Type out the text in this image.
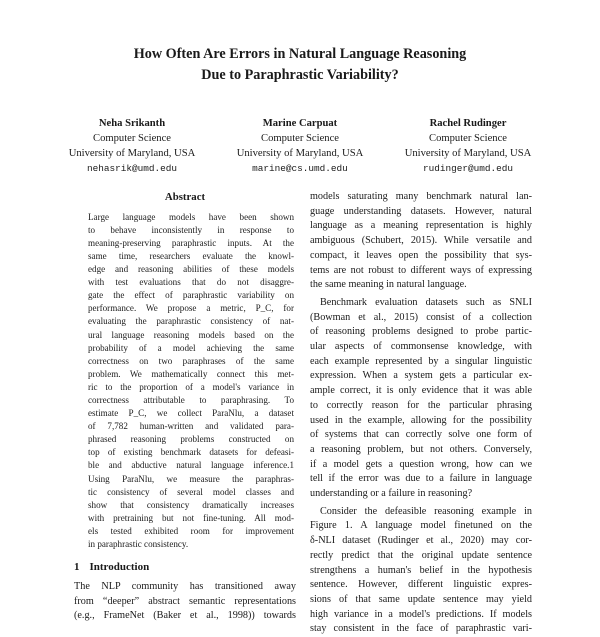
How Often Are Errors in Natural Language Reasoning
Due to Paraphrastic Variability?
Neha Srikanth
Computer Science
University of Maryland, USA
nehasrik@umd.edu
Marine Carpuat
Computer Science
University of Maryland, USA
marine@cs.umd.edu
Rachel Rudinger
Computer Science
University of Maryland, USA
rudinger@umd.edu
Abstract
Large language models have been shown
to behave inconsistently in response to
meaning-preserving paraphrastic inputs. At the
same time, researchers evaluate the knowl-
edge and reasoning abilities of these models
with test evaluations that do not disaggre-
gate the effect of paraphrastic variability on
performance. We propose a metric, P_C, for
evaluating the paraphrastic consistency of nat-
ural language reasoning models based on the
probability of a model achieving the same
correctness on two paraphrases of the same
problem. We mathematically connect this met-
ric to the proportion of a model's variance in
correctness attributable to paraphrasing. To
estimate P_C, we collect ParaNlu, a dataset
of 7,782 human-written and validated para-
phrased reasoning problems constructed on
top of existing benchmark datasets for defeasi-
ble and abductive natural language inference.1
Using ParaNlu, we measure the paraphras-
tic consistency of several model classes and
show that consistency dramatically increases
with pretraining but not fine-tuning. All mod-
els tested exhibited room for improvement
in paraphrastic consistency.
1 Introduction
The NLP community has transitioned away
from “deeper” abstract semantic representations
(e.g., FrameNet (Baker et al., 1998)) towards
models saturating many benchmark natural lan-
guage understanding datasets. However, natural
language as a meaning representation is highly
ambiguous (Schubert, 2015). While versatile and
compact, it leaves open the possibility that sys-
tems are not robust to different ways of expressing
the same meaning in natural language.
Benchmark evaluation datasets such as SNLI
(Bowman et al., 2015) consist of a collection
of reasoning problems designed to probe partic-
ular aspects of commonsense knowledge, with
each example represented by a singular linguistic
expression. When a system gets a particular ex-
ample correct, it is only evidence that it was able
to correctly reason for the particular phrasing
used in the example, allowing for the possibility
of systems that can correctly solve one form of
a reasoning problem, but not others. Conversely,
if a model gets a question wrong, how can we
tell if the error was due to a failure in language
understanding or a failure in reasoning?
Consider the defeasible reasoning example in
Figure 1. A language model finetuned on the
δ-NLI dataset (Rudinger et al., 2020) may cor-
rectly predict that the original update sentence
strengthens a human's belief in the hypothesis
sentence. However, different linguistic expres-
sions of that same update sentence may yield
high variance in a model's predictions. If models
stay consistent in the face of paraphrastic vari-
